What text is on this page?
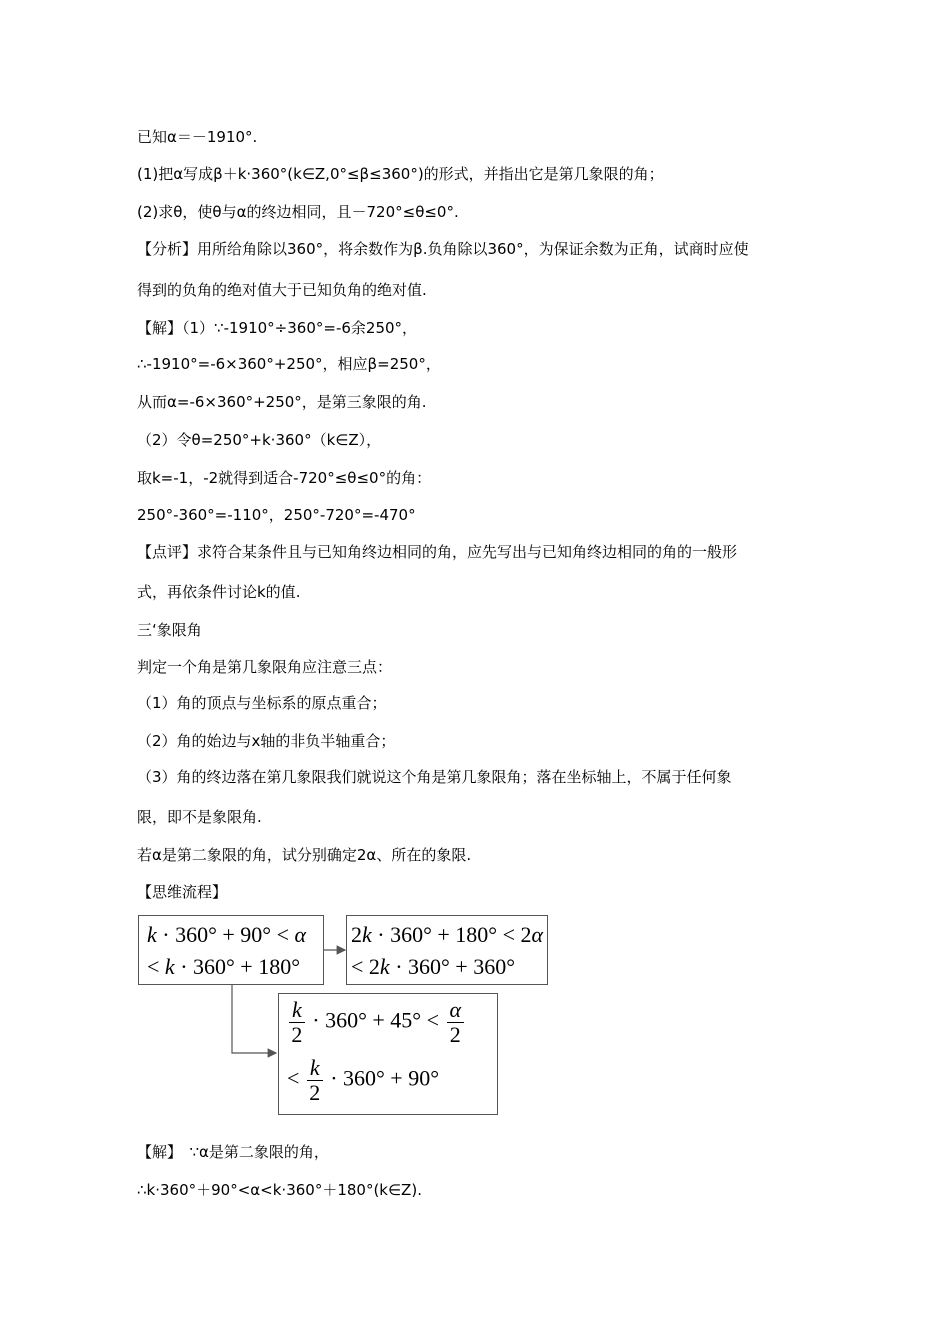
已知α＝－1910°.
(1)把α写成β＋k·360°(k∈Z,0°≤β≤360°)的形式，并指出它是第几象限的角；
(2)求θ，使θ与α的终边相同，且－720°≤θ≤0°.
【分析】用所给角除以360°，将余数作为β.负角除以360°，为保证余数为正角，试商时应使
得到的负角的绝对值大于已知负角的绝对值.
【解】（1）∵-1910°÷360°=-6余250°，
∴-1910°=-6×360°+250°，相应β=250°，
从而α=-6×360°+250°，是第三象限的角.
（2）令θ=250°+k·360°（k∈Z），
取k=-1，-2就得到适合-720°≤θ≤0°的角：
250°-360°=-110°，250°-720°=-470°
【点评】求符合某条件且与已知角终边相同的角，应先写出与已知角终边相同的角的一般形
式，再依条件讨论k的值.
三‘象限角
判定一个角是第几象限角应注意三点：
（1）角的顶点与坐标系的原点重合；
（2）角的始边与x轴的非负半轴重合；
（3）角的终边落在第几象限我们就说这个角是第几象限角；落在坐标轴上，不属于任何象
限，即不是象限角.
若α是第二象限的角，试分别确定2α、所在的象限.
【思维流程】
【解】　∵α是第二象限的角，
∴k·360°＋90°<α<k·360°＋180°(k∈Z).
k · 360° + 90° < α
< k · 360° + 180°
2k · 360° + 180° < 2α
< 2k · 360° + 360°
$\frac{k}{2} \cdot 360^\circ + 45^\circ < \frac{\alpha}{2}$
< $\frac{k}{2} \cdot 360^\circ + 90^\circ$
